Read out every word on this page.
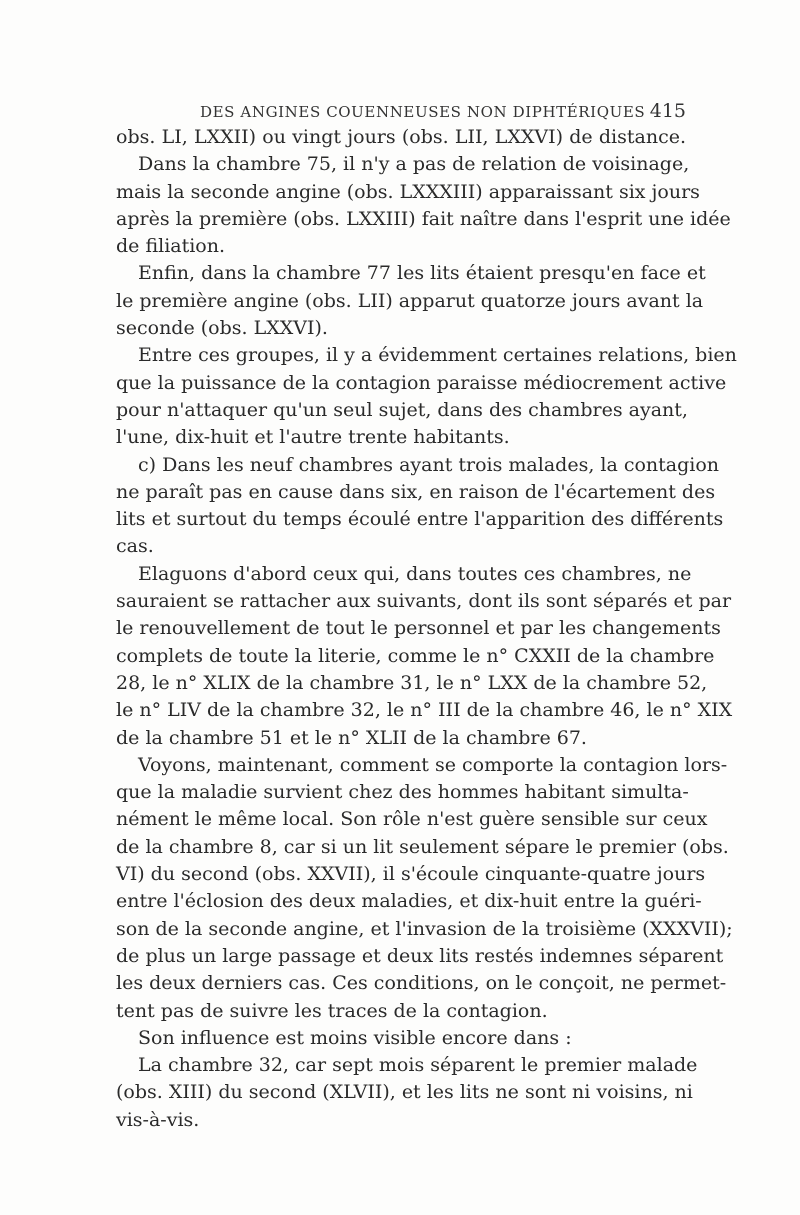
DES ANGINES COUENNEUSES NON DIPHTÉRIQUES 415
obs. LI, LXXII) ou vingt jours (obs. LII, LXXVI) de distance.
Dans la chambre 75, il n'y a pas de relation de voisinage,
mais la seconde angine (obs. LXXXIII) apparaissant six jours
après la première (obs. LXXIII) fait naître dans l'esprit une idée
de filiation.
Enfin, dans la chambre 77 les lits étaient presqu'en face et
le première angine (obs. LII) apparut quatorze jours avant la
seconde (obs. LXXVI).
Entre ces groupes, il y a évidemment certaines relations, bien
que la puissance de la contagion paraisse médiocrement active
pour n'attaquer qu'un seul sujet, dans des chambres ayant,
l'une, dix-huit et l'autre trente habitants.
c) Dans les neuf chambres ayant trois malades, la contagion
ne paraît pas en cause dans six, en raison de l'écartement des
lits et surtout du temps écoulé entre l'apparition des différents
cas.
Elaguons d'abord ceux qui, dans toutes ces chambres, ne
sauraient se rattacher aux suivants, dont ils sont séparés et par
le renouvellement de tout le personnel et par les changements
complets de toute la literie, comme le n° CXXII de la chambre
28, le n° XLIX de la chambre 31, le n° LXX de la chambre 52,
le n° LIV de la chambre 32, le n° III de la chambre 46, le n° XIX
de la chambre 51 et le n° XLII de la chambre 67.
Voyons, maintenant, comment se comporte la contagion lors-
que la maladie survient chez des hommes habitant simulta-
nément le même local. Son rôle n'est guère sensible sur ceux
de la chambre 8, car si un lit seulement sépare le premier (obs.
VI) du second (obs. XXVII), il s'écoule cinquante-quatre jours
entre l'éclosion des deux maladies, et dix-huit entre la guéri-
son de la seconde angine, et l'invasion de la troisième (XXXVII);
de plus un large passage et deux lits restés indemnes séparent
les deux derniers cas. Ces conditions, on le conçoit, ne permet-
tent pas de suivre les traces de la contagion.
Son influence est moins visible encore dans :
La chambre 32, car sept mois séparent le premier malade
(obs. XIII) du second (XLVII), et les lits ne sont ni voisins, ni
vis-à-vis.
